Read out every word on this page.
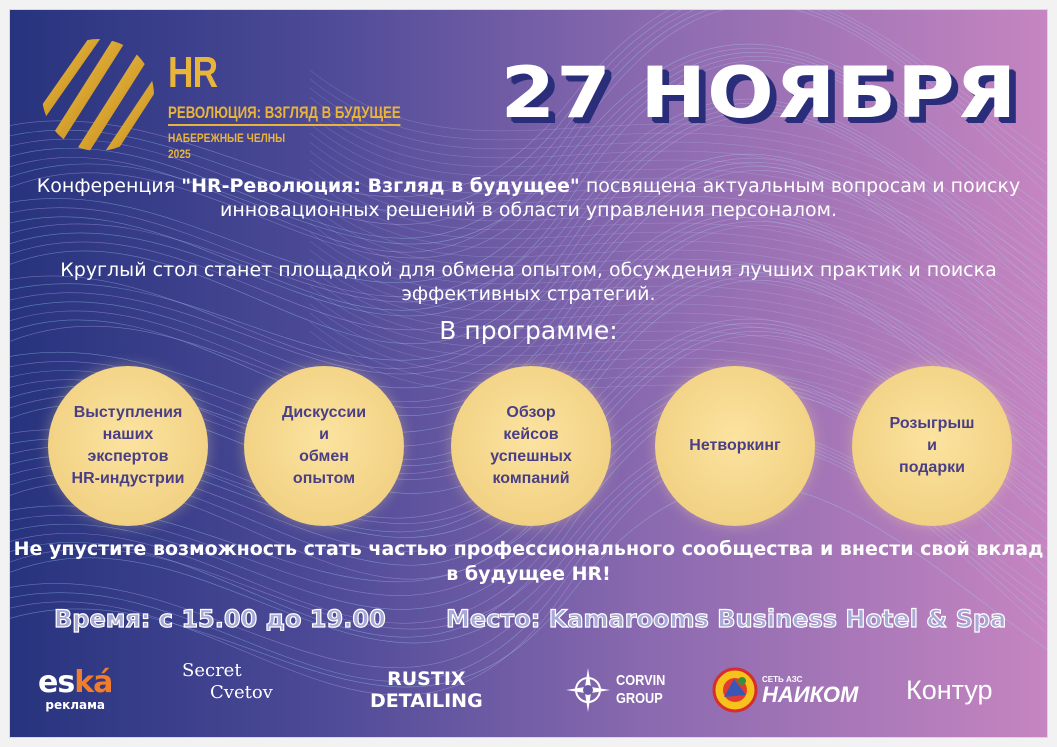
HR
РЕВОЛЮЦИЯ: ВЗГЛЯД В БУДУЩЕЕ
НАБЕРЕЖНЫЕ ЧЕЛНЫ
2025
27 НОЯБРЯ
Конференция "HR-Революция: Взгляд в будущее" посвящена актуальным вопросам и поиску инновационных решений в области управления персоналом.
Круглый стол станет площадкой для обмена опытом, обсуждения лучших практик и поиска эффективных стратегий.
В программе:
Выступления
наших
экспертов
HR-индустрии
Дискуссии
и
обмен
опытом
Обзор
кейсов
успешных
компаний
Нетворкинг
Розыгрыш
и
подарки
Не упустите возможность стать частью профессионального сообщества и внести свой вклад в будущее HR!
Время: с 15.00 до 19.00	Место: Kamarooms Business Hotel & Spa
eská
реклама
Secret
Cvetov
RUSTIX
DETAILING
CORVIN
GROUP
СЕТЬ АЗС
НАИКОМ Контур
